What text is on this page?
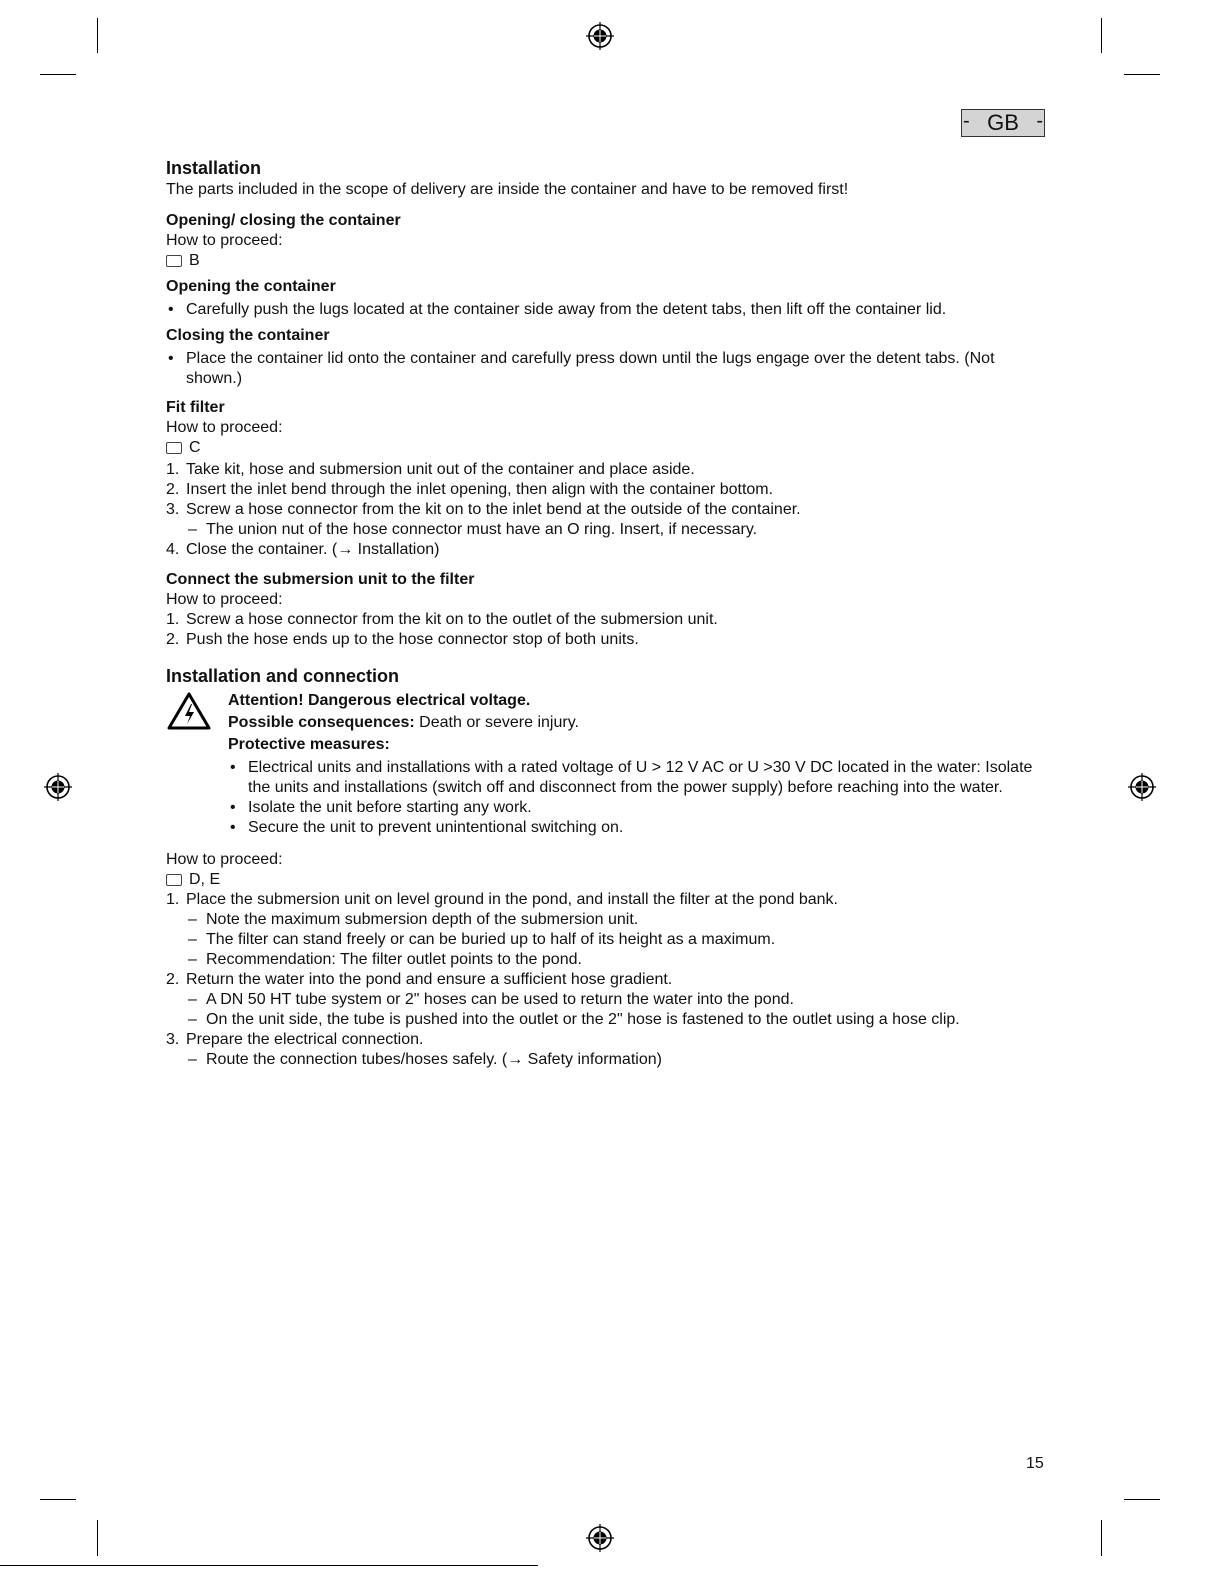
- GB -

Installation

The parts included in the scope of delivery are inside the container and have to be removed first!

Opening/ closing the container

How to proceed:

B

Opening the container

• Carefully push the lugs located at the container side away from the detent tabs, then lift off the container lid.

Closing the container

• Place the container lid onto the container and carefully press down until the lugs engage over the detent tabs. (Not shown.)

Fit filter

How to proceed:

C
1. Take kit, hose and submersion unit out of the container and place aside.
2. Insert the inlet bend through the inlet opening, then align with the container bottom.
3. Screw a hose connector from the kit on to the inlet bend at the outside of the container.
– The union nut of the hose connector must have an O ring. Insert, if necessary.
4. Close the container. (→ Installation)

Connect the submersion unit to the filter

How to proceed:

1. Screw a hose connector from the kit on to the outlet of the submersion unit.
2. Push the hose ends up to the hose connector stop of both units.

Installation and connection

Attention! Dangerous electrical voltage.

Possible consequences: Death or severe injury.

Protective measures:

• Electrical units and installations with a rated voltage of U > 12 V AC or U >30 V DC located in the water: Isolate the units and installations (switch off and disconnect from the power supply) before reaching into the water.
• Isolate the unit before starting any work.
• Secure the unit to prevent unintentional switching on.

How to proceed:

D, E
1. Place the submersion unit on level ground in the pond, and install the filter at the pond bank.
– Note the maximum submersion depth of the submersion unit.
– The filter can stand freely or can be buried up to half of its height as a maximum.
– Recommendation: The filter outlet points to the pond.
2. Return the water into the pond and ensure a sufficient hose gradient.
– A DN 50 HT tube system or 2" hoses can be used to return the water into the pond.
– On the unit side, the tube is pushed into the outlet or the 2" hose is fastened to the outlet using a hose clip.
3. Prepare the electrical connection.
– Route the connection tubes/hoses safely. (→ Safety information)
15
